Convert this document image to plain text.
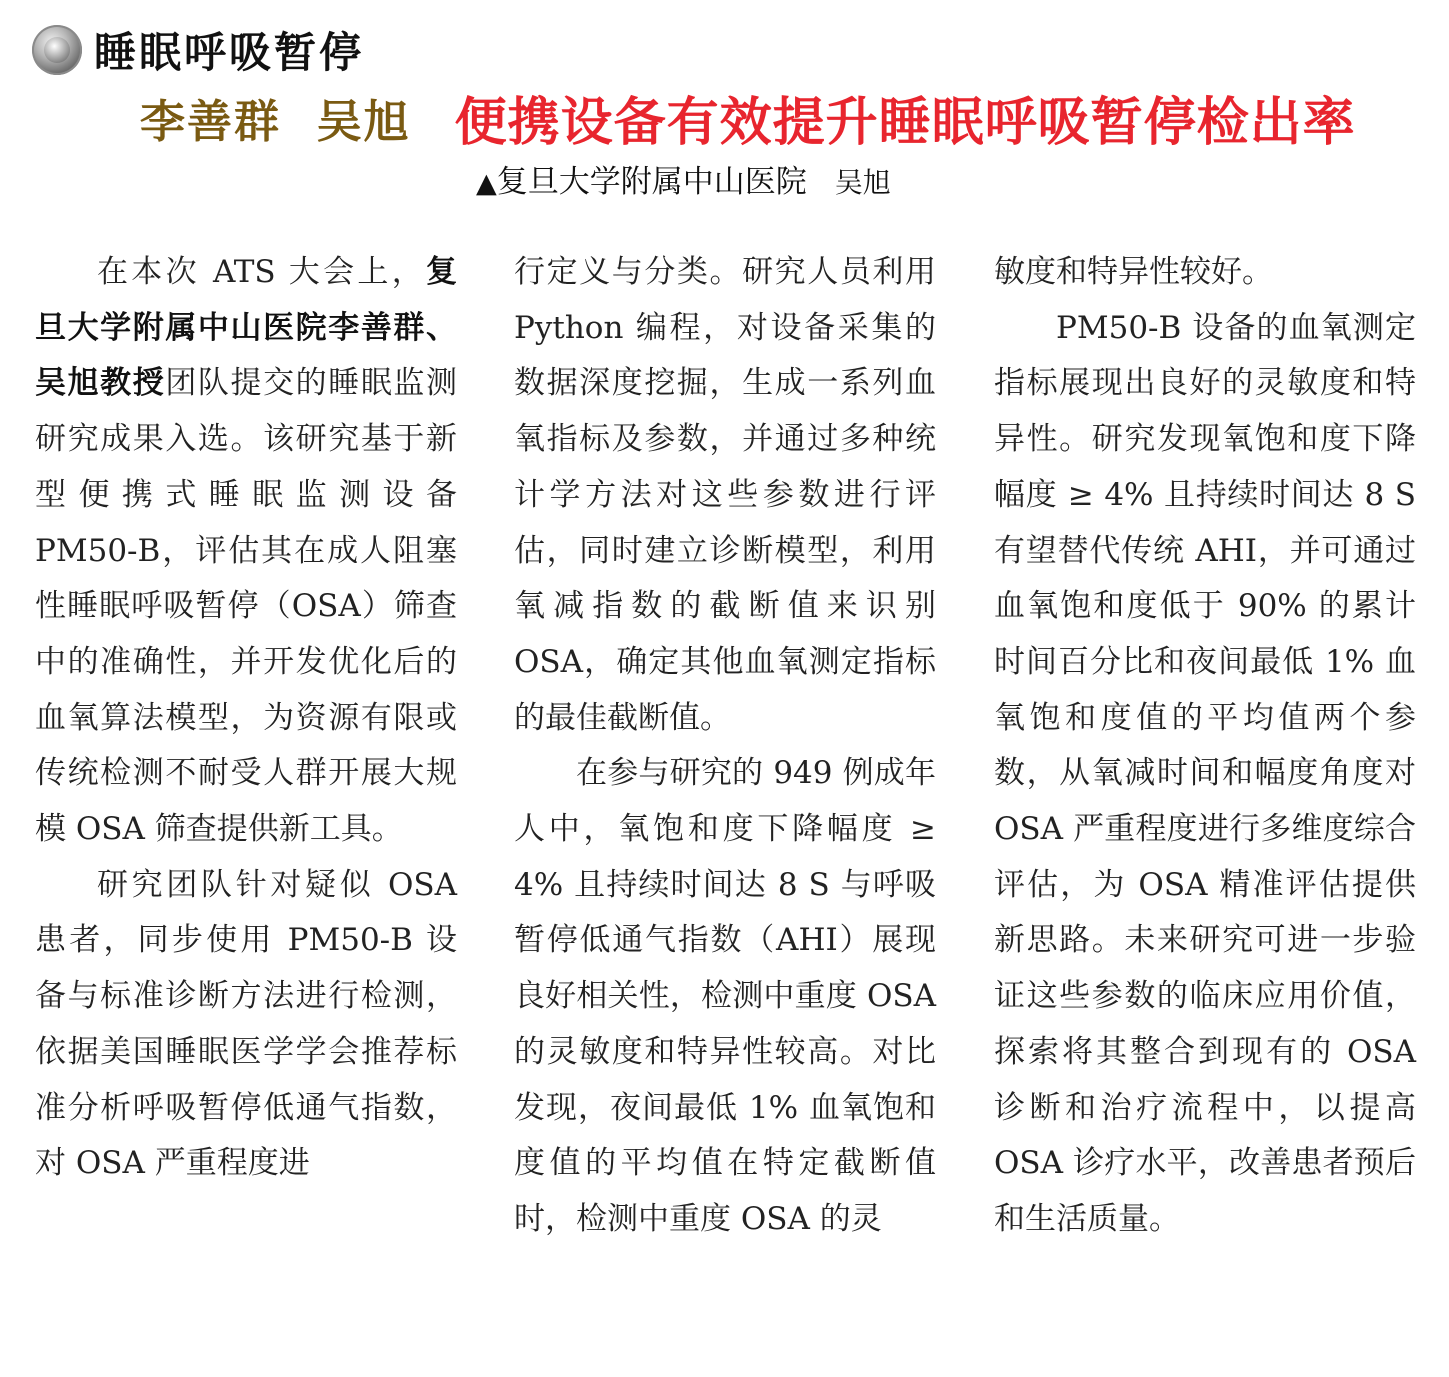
睡眠呼吸暂停
李善群 吴旭 便携设备有效提升睡眠呼吸暂停检出率
▲复旦大学附属中山医院 吴旭

在本次 ATS 大会上，复旦大学附属中山医院李善群、吴旭教授团队提交的睡眠监测研究成果入选。该研究基于新型便携式睡眠监测设备 PM50-B，评估其在成人阻塞性睡眠呼吸暂停（OSA）筛查中的准确性，并开发优化后的血氧算法模型，为资源有限或传统检测不耐受人群开展大规模 OSA 筛查提供新工具。

研究团队针对疑似 OSA 患者，同步使用 PM50-B 设备与标准诊断方法进行检测，依据美国睡眠医学学会推荐标准分析呼吸暂停低通气指数，对 OSA 严重程度进

行定义与分类。研究人员利用 Python 编程，对设备采集的数据深度挖掘，生成一系列血氧指标及参数，并通过多种统计学方法对这些参数进行评估，同时建立诊断模型，利用氧减指数的截断值来识别 OSA，确定其他血氧测定指标的最佳截断值。

在参与研究的 949 例成年人中，氧饱和度下降幅度 ≥ 4% 且持续时间达 8 S 与呼吸暂停低通气指数（AHI）展现良好相关性，检测中重度 OSA 的灵敏度和特异性较高。对比发现，夜间最低 1% 血氧饱和度值的平均值在特定截断值时，检测中重度 OSA 的灵

敏度和特异性较好。

PM50-B 设备的血氧测定指标展现出良好的灵敏度和特异性。研究发现氧饱和度下降幅度 ≥ 4% 且持续时间达 8 S 有望替代传统 AHI，并可通过血氧饱和度低于 90% 的累计时间百分比和夜间最低 1% 血氧饱和度值的平均值两个参数，从氧减时间和幅度角度对 OSA 严重程度进行多维度综合评估，为 OSA 精准评估提供新思路。未来研究可进一步验证这些参数的临床应用价值，探索将其整合到现有的 OSA 诊断和治疗流程中，以提高 OSA 诊疗水平，改善患者预后和生活质量。
